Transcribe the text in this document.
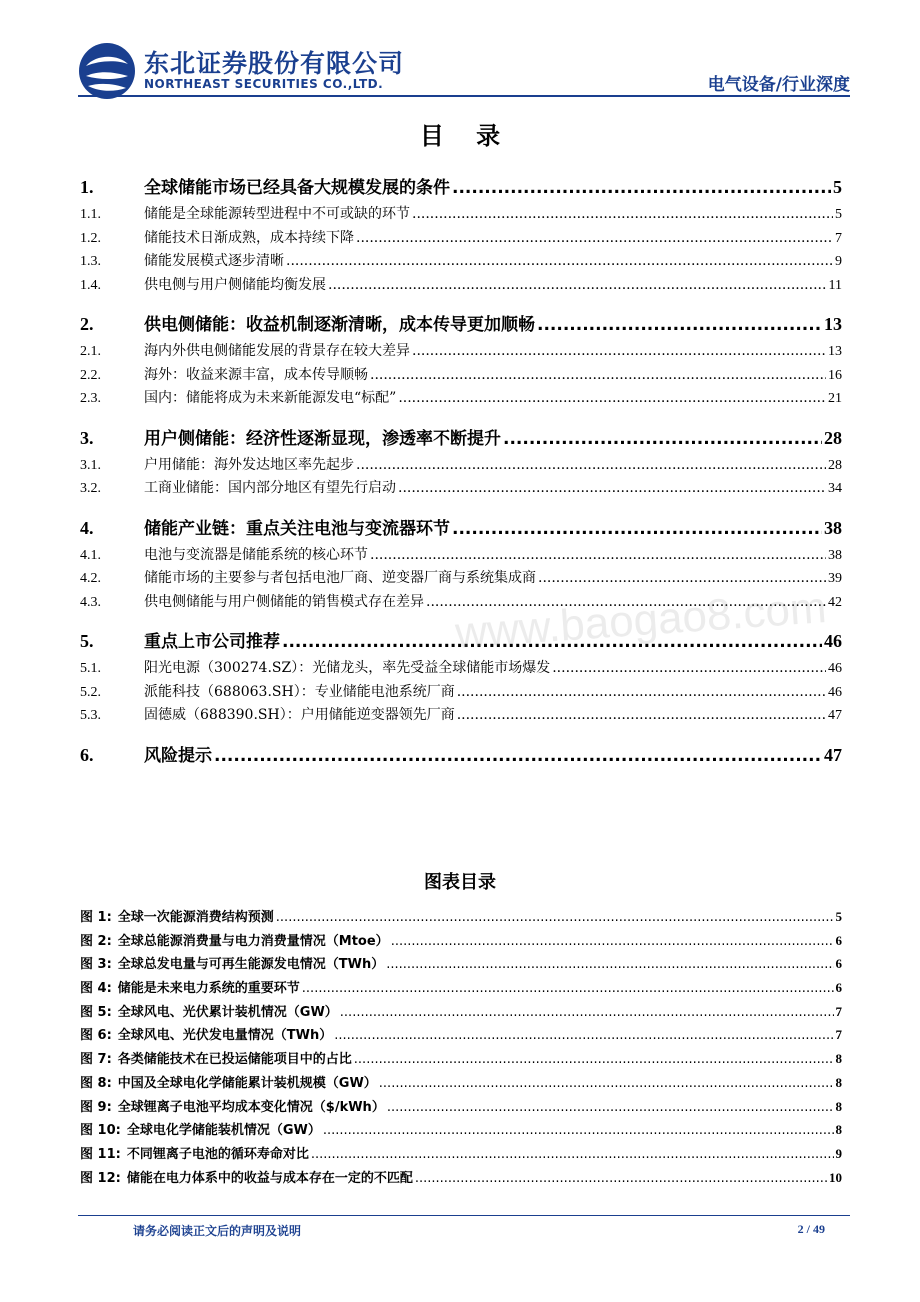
东北证券股份有限公司
NORTHEAST SECURITIES CO.,LTD.	电气设备/行业深度
目 录
1.	全球储能市场已经具备大规模发展的条件 .....	5
1.1.	储能是全球能源转型进程中不可或缺的环节 .....	5
1.2.	储能技术日渐成熟，成本持续下降 .....	7
1.3.	储能发展模式逐步清晰 .....	9
1.4.	供电侧与用户侧储能均衡发展 .....	11
2.	供电侧储能：收益机制逐渐清晰，成本传导更加顺畅 .....	13
2.1.	海内外供电侧储能发展的背景存在较大差异 .....	13
2.2.	海外：收益来源丰富，成本传导顺畅 .....	16
2.3.	国内：储能将成为未来新能源发电“标配” .....	21
3.	用户侧储能：经济性逐渐显现，渗透率不断提升 .....	28
3.1.	户用储能：海外发达地区率先起步 .....	28
3.2.	工商业储能：国内部分地区有望先行启动 .....	34
4.	储能产业链：重点关注电池与变流器环节 .....	38
4.1.	电池与变流器是储能系统的核心环节 .....	38
4.2.	储能市场的主要参与者包括电池厂商、逆变器厂商与系统集成商 .....	39
4.3.	供电侧储能与用户侧储能的销售模式存在差异 .....	42
5.	重点上市公司推荐 .....	46
5.1.	阳光电源（300274.SZ）：光储龙头，率先受益全球储能市场爆发 .....	46
5.2.	派能科技（688063.SH）：专业储能电池系统厂商 .....	46
5.3.	固德威（688390.SH）：户用储能逆变器领先厂商 .....	47
6.	风险提示 .....	47
www.baogao8.com
图表目录
图 1: 全球一次能源消费结构预测 .....	5
图 2: 全球总能源消费量与电力消费量情况（Mtoe） .....	6
图 3: 全球总发电量与可再生能源发电情况（TWh） .....	6
图 4: 储能是未来电力系统的重要环节 .....	6
图 5: 全球风电、光伏累计装机情况（GW） .....	7
图 6: 全球风电、光伏发电量情况（TWh） .....	7
图 7: 各类储能技术在已投运储能项目中的占比 .....	8
图 8: 中国及全球电化学储能累计装机规模（GW） .....	8
图 9: 全球锂离子电池平均成本变化情况（$/kWh） .....	8
图 10: 全球电化学储能装机情况（GW） .....	8
图 11: 不同锂离子电池的循环寿命对比 .....	9
图 12: 储能在电力体系中的收益与成本存在一定的不匹配 .....	10
请务必阅读正文后的声明及说明	2 / 49
